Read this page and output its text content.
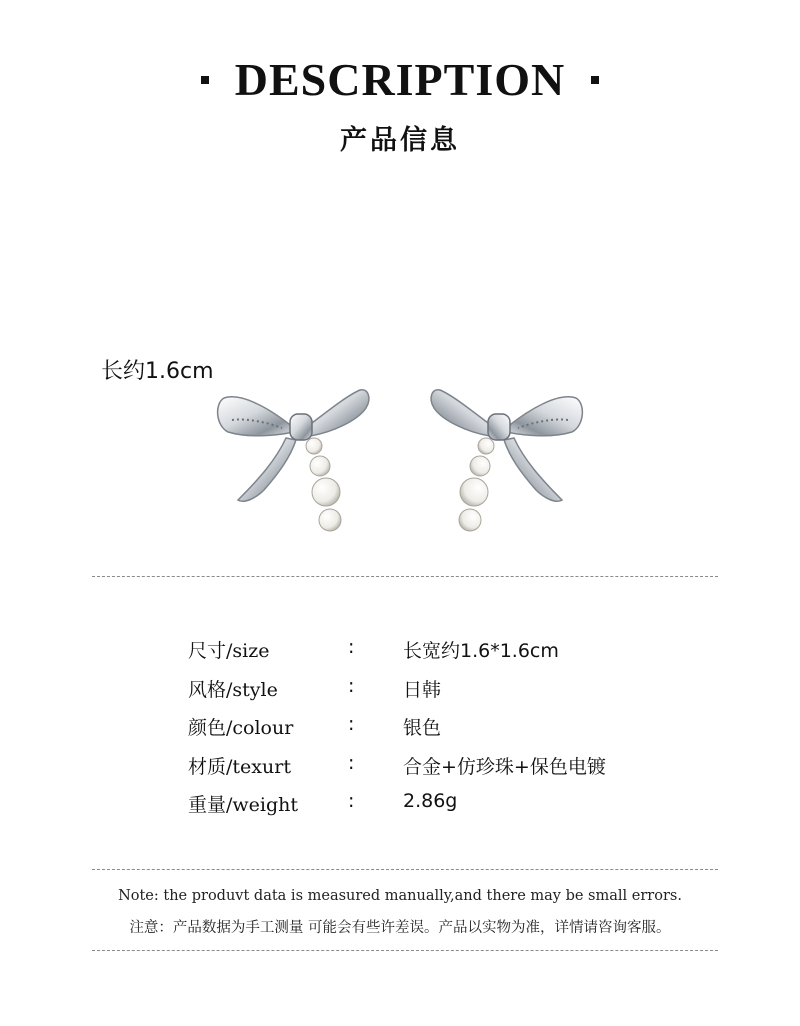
DESCRIPTION
产品信息
长约1.6cm
尺寸/size	:	长宽约1.6*1.6cm
风格/style	:	日韩
颜色/colour	:	银色
材质/texurt	:	合金+仿珍珠+保色电镀
重量/weight	:	2.86g
Note: the produvt data is measured manually,and there may be small errors.
注意：产品数据为手工测量 可能会有些许差误。产品以实物为准，详情请咨询客服。
